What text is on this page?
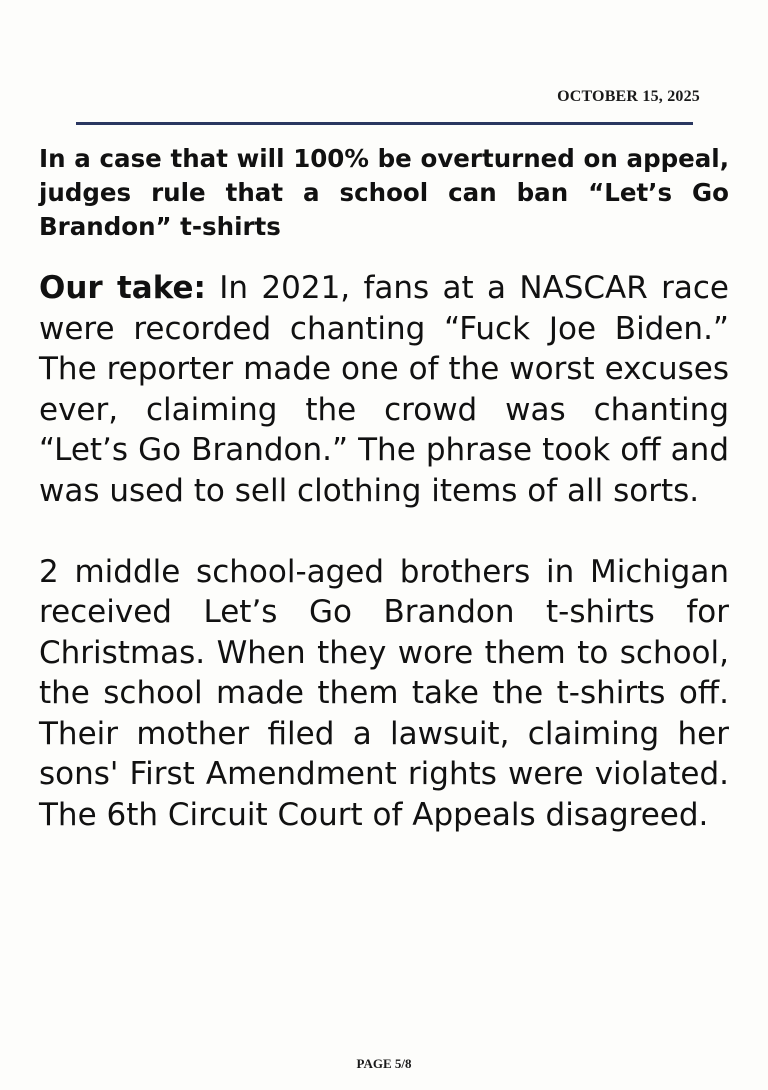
OCTOBER 15, 2025
In a case that will 100% be overturned on appeal, judges rule that a school can ban “Let’s Go Brandon” t-shirts

Our take: In 2021, fans at a NASCAR race were recorded chanting “Fuck Joe Biden.” The reporter made one of the worst excuses ever, claiming the crowd was chanting “Let’s Go Brandon.” The phrase took off and was used to sell clothing items of all sorts.

2 middle school-aged brothers in Michigan received Let’s Go Brandon t-shirts for Christmas. When they wore them to school, the school made them take the t-shirts off. Their mother filed a lawsuit, claiming her sons' First Amendment rights were violated. The 6th Circuit Court of Appeals disagreed.

PAGE 5/8
